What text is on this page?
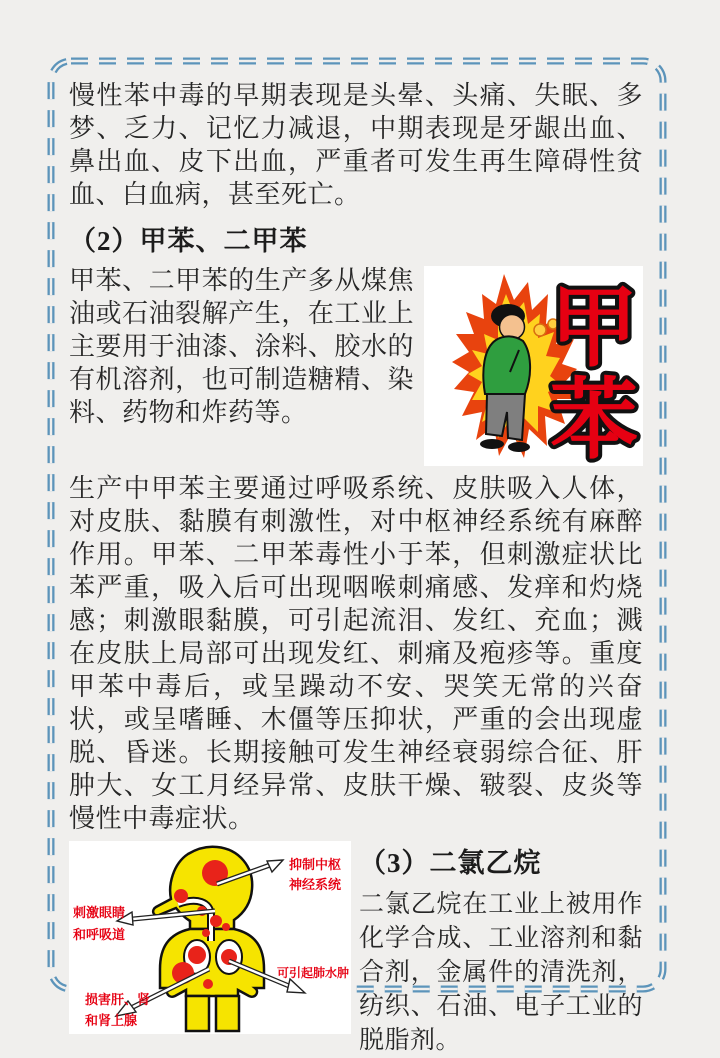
慢性苯中毒的早期表现是头晕、头痛、失眠、多梦、乏力、记忆力减退，中期表现是牙龈出血、鼻出血、皮下出血，严重者可发生再生障碍性贫血、白血病，甚至死亡。

（2）甲苯、二甲苯
甲
苯

甲苯、二甲苯的生产多从煤焦油或石油裂解产生，在工业上主要用于油漆、涂料、胶水的有机溶剂，也可制造糖精、染料、药物和炸药等。

生产中甲苯主要通过呼吸系统、皮肤吸入人体，对皮肤、黏膜有刺激性，对中枢神经系统有麻醉作用。甲苯、二甲苯毒性小于苯，但刺激症状比苯严重，吸入后可出现咽喉刺痛感、发痒和灼烧感；刺激眼黏膜，可引起流泪、发红、充血；溅在皮肤上局部可出现发红、刺痛及疱疹等。重度甲苯中毒后，或呈躁动不安、哭笑无常的兴奋状，或呈嗜睡、木僵等压抑状，严重的会出现虚脱、昏迷。长期接触可发生神经衰弱综合征、肝肿大、女工月经异常、皮肤干燥、皲裂、皮炎等慢性中毒症状。

抑制中枢
神经系统
刺激眼睛
和呼吸道
可引起肺水肿
损害肝、肾
和肾上腺
（3）二氯乙烷

二氯乙烷在工业上被用作化学合成、工业溶剂和黏合剂，金属件的清洗剂，纺织、石油、电子工业的脱脂剂。
